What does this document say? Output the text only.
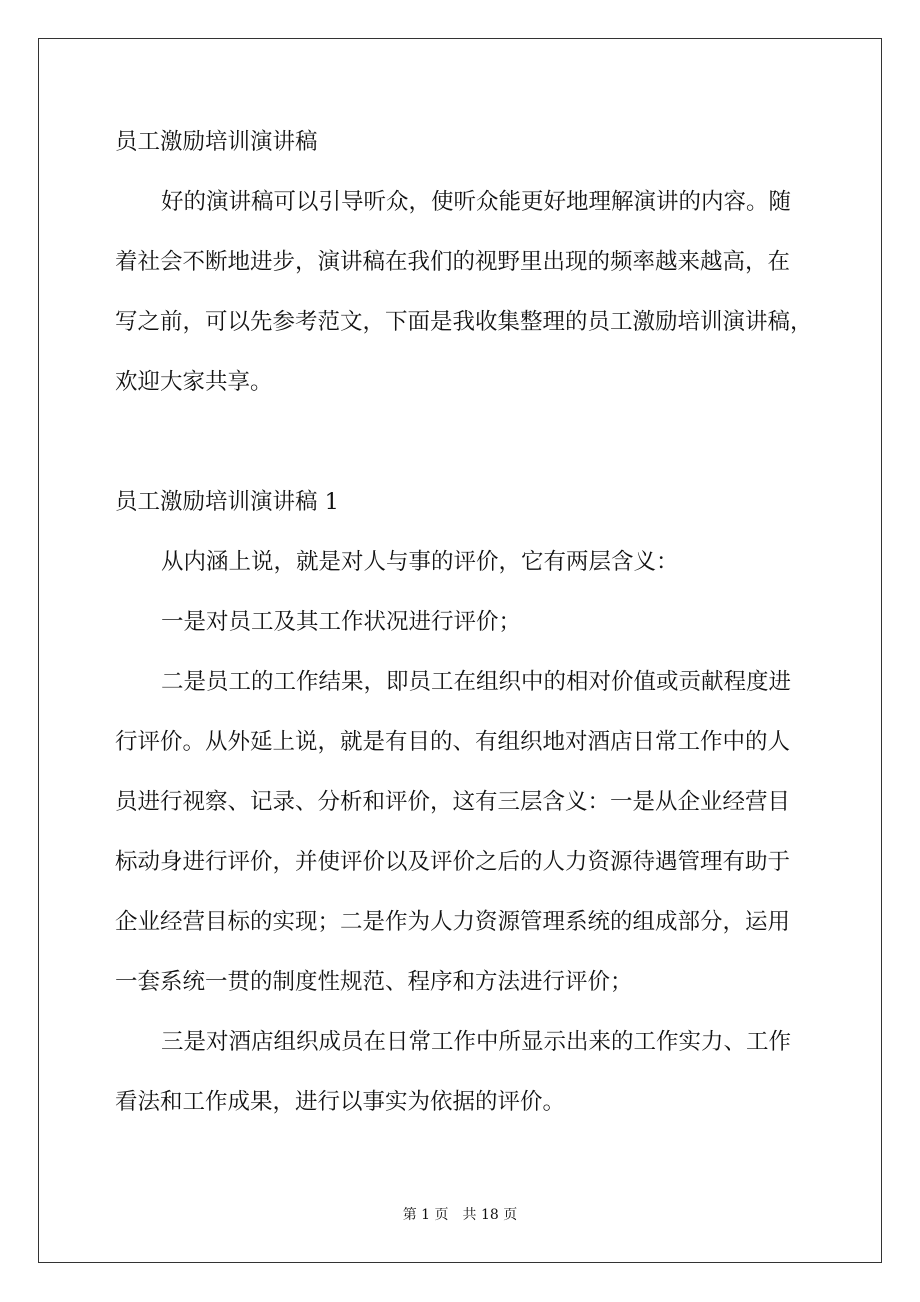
员工激励培训演讲稿
好的演讲稿可以引导听众，使听众能更好地理解演讲的内容。随
着社会不断地进步，演讲稿在我们的视野里出现的频率越来越高，在
写之前，可以先参考范文，下面是我收集整理的员工激励培训演讲稿，
欢迎大家共享。
员工激励培训演讲稿 1
从内涵上说，就是对人与事的评价，它有两层含义：
一是对员工及其工作状况进行评价；
二是员工的工作结果，即员工在组织中的相对价值或贡献程度进
行评价。从外延上说，就是有目的、有组织地对酒店日常工作中的人
员进行视察、记录、分析和评价，这有三层含义：一是从企业经营目
标动身进行评价，并使评价以及评价之后的人力资源待遇管理有助于
企业经营目标的实现；二是作为人力资源管理系统的组成部分，运用
一套系统一贯的制度性规范、程序和方法进行评价；
三是对酒店组织成员在日常工作中所显示出来的工作实力、工作
看法和工作成果，进行以事实为依据的评价。
第 1 页　共 18 页
